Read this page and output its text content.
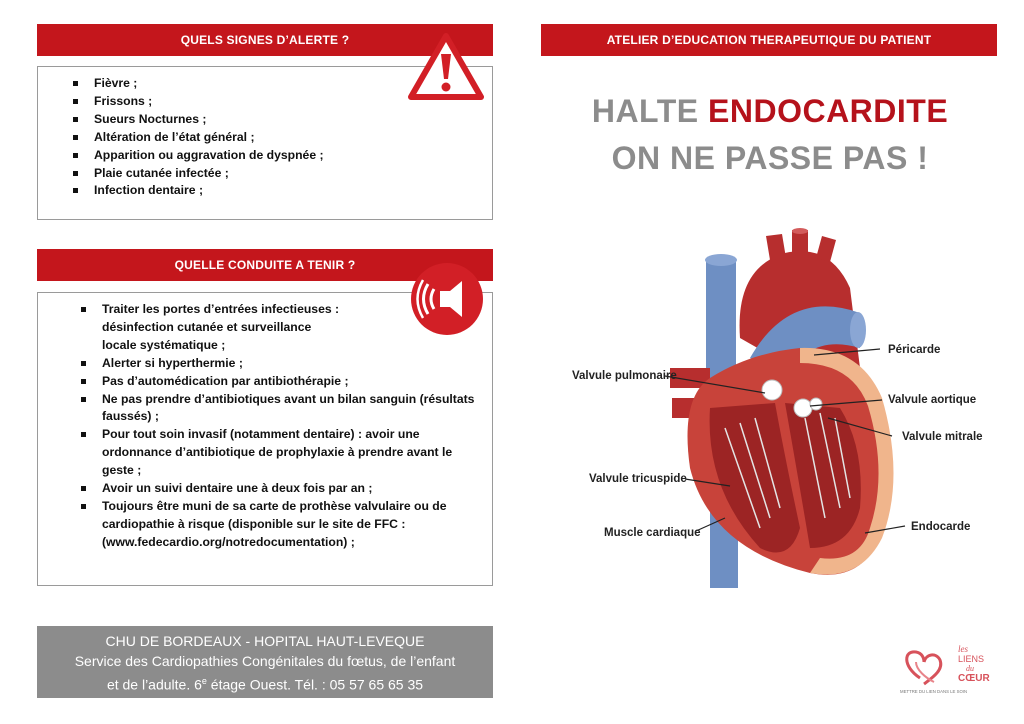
QUELS SIGNES D’ALERTE ?
Fièvre ;
Frissons ;
Sueurs Nocturnes ;
Altération de l’état général ;
Apparition ou aggravation de dyspnée ;
Plaie cutanée infectée ;
Infection dentaire ;
QUELLE CONDUITE A TENIR ?
Traiter les portes d’entrées infectieuses :
désinfection cutanée et surveillance
locale systématique ;
Alerter si hyperthermie ;
Pas d’automédication par antibiothérapie ;
Ne pas prendre d’antibiotiques avant un bilan sanguin (résultats
faussés) ;
Pour tout soin invasif (notamment dentaire) : avoir une
ordonnance d’antibiotique de prophylaxie à prendre avant le
geste ;
Avoir un suivi dentaire une à deux fois par an ;
Toujours être muni de sa carte de prothèse valvulaire ou de
cardiopathie à risque (disponible sur le site de FFC :
(www.fedecardio.org/notredocumentation) ;
CHU DE BORDEAUX - HOPITAL HAUT-LEVEQUE
Service des Cardiopathies Congénitales du fœtus, de l’enfant
et de l’adulte. 6e étage Ouest. Tél. : 05 57 65 65 35
ATELIER D’EDUCATION THERAPEUTIQUE DU PATIENT
HALTE ENDOCARDITE
ON NE PASSE PAS !
Péricarde
Valvule pulmonaire
Valvule aortique
Valvule mitrale
Valvule tricuspide
Muscle cardiaque	Endocarde
les
LIENS
du
CŒUR
METTRE DU LIEN DANS LE SOIN
